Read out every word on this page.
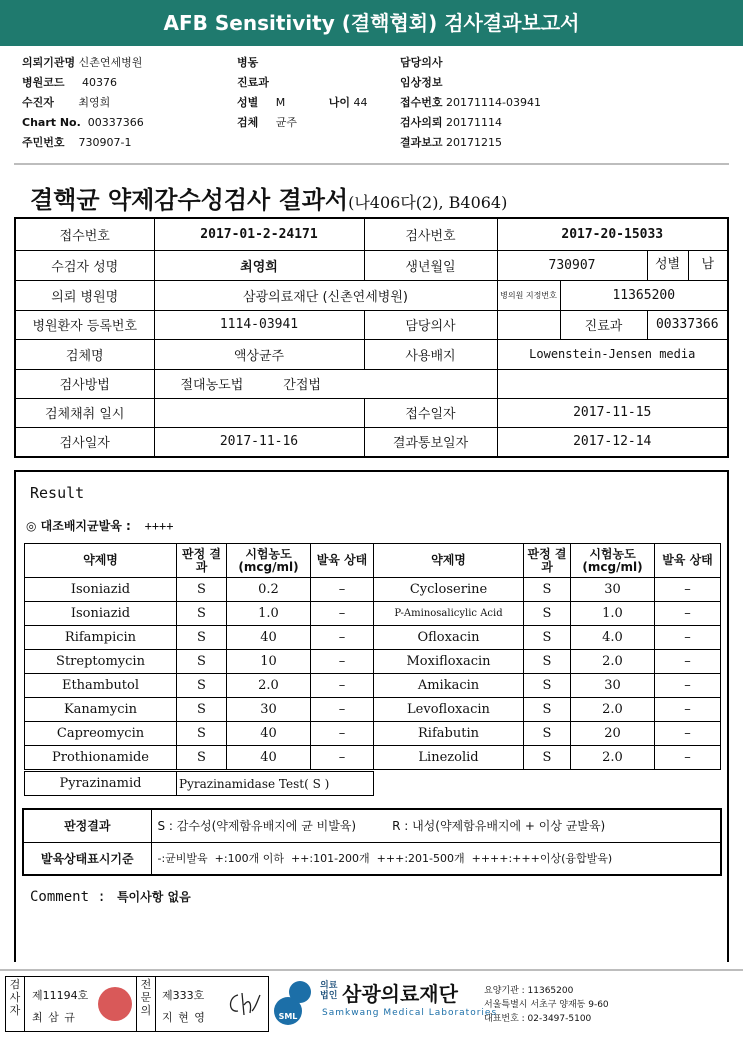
AFB Sensitivity (결핵협회) 검사결과보고서
의뢰기관명 신촌연세병원
병원코드 40376
수진자 최영희
Chart No. 00337366
주민번호 730907-1
병동
진료과
성별 M	나이 44
검체 균주
담당의사
임상정보
접수번호 20171114-03941
검사의뢰 20171114
결과보고 20171215
결핵균 약제감수성검사 결과서(나406다(2), B4064)
접수번호	2017-01-2-24171	검사번호	2017-20-15033		
수검자 성명	최영희	생년월일	730907		성별 남

의뢰 병원명	삼광의료재단 (신촌연세병원)		병의원 지정번호	11365200	
병원환자 등록번호	1114-03941	담당의사		진료과	00337366
검체명	액상균주	사용배지	Lowenstein-Jensen media		
검사방법	절대농도법 간접법				
검체채취 일시		접수일자	2017-11-15		
검사일자	2017-11-16	결과통보일자	2017-12-14		
Result
◎ 대조배지균발육 : ++++
약제명	판정 결과	시험농도 (mcg/ml)	발육 상태	약제명	판정 결과	시험농도 (mcg/ml)	발육 상태
Isoniazid	S	0.2	–	Cycloserine	S	30	–
Isoniazid	S	1.0	–	P-Aminosalicylic Acid	S	1.0	–
Rifampicin	S	40	–	Ofloxacin	S	4.0	–
Streptomycin	S	10	–	Moxifloxacin	S	2.0	–
Ethambutol	S	2.0	–	Amikacin	S	30	–
Kanamycin	S	30	–	Levofloxacin	S	2.0	–
Capreomycin	S	40	–	Rifabutin	S	20	–
Prothionamide	S	40	–	Linezolid	S	2.0	–
Pyrazinamid	Pyrazinamidase Test( S )
판정결과	S : 감수성(약제함유배지에 균 비발육) R : 내성(약제함유배지에 + 이상 균발육)
발육상태표시기준	-:균비발육  +:100개 이하  ++:101-200개  +++:201-500개  ++++:+++이상(융합발육)
Comment : 특이사항 없음
검사자
제11194호
최 삼 규
전문의
제333호
지 현 영	SML
의료법인 삼광의료재단
Samkwang Medical Laboratories
요양기관 : 11365200
서울특별시 서초구 양재동 9-60
대표번호 : 02-3497-5100
